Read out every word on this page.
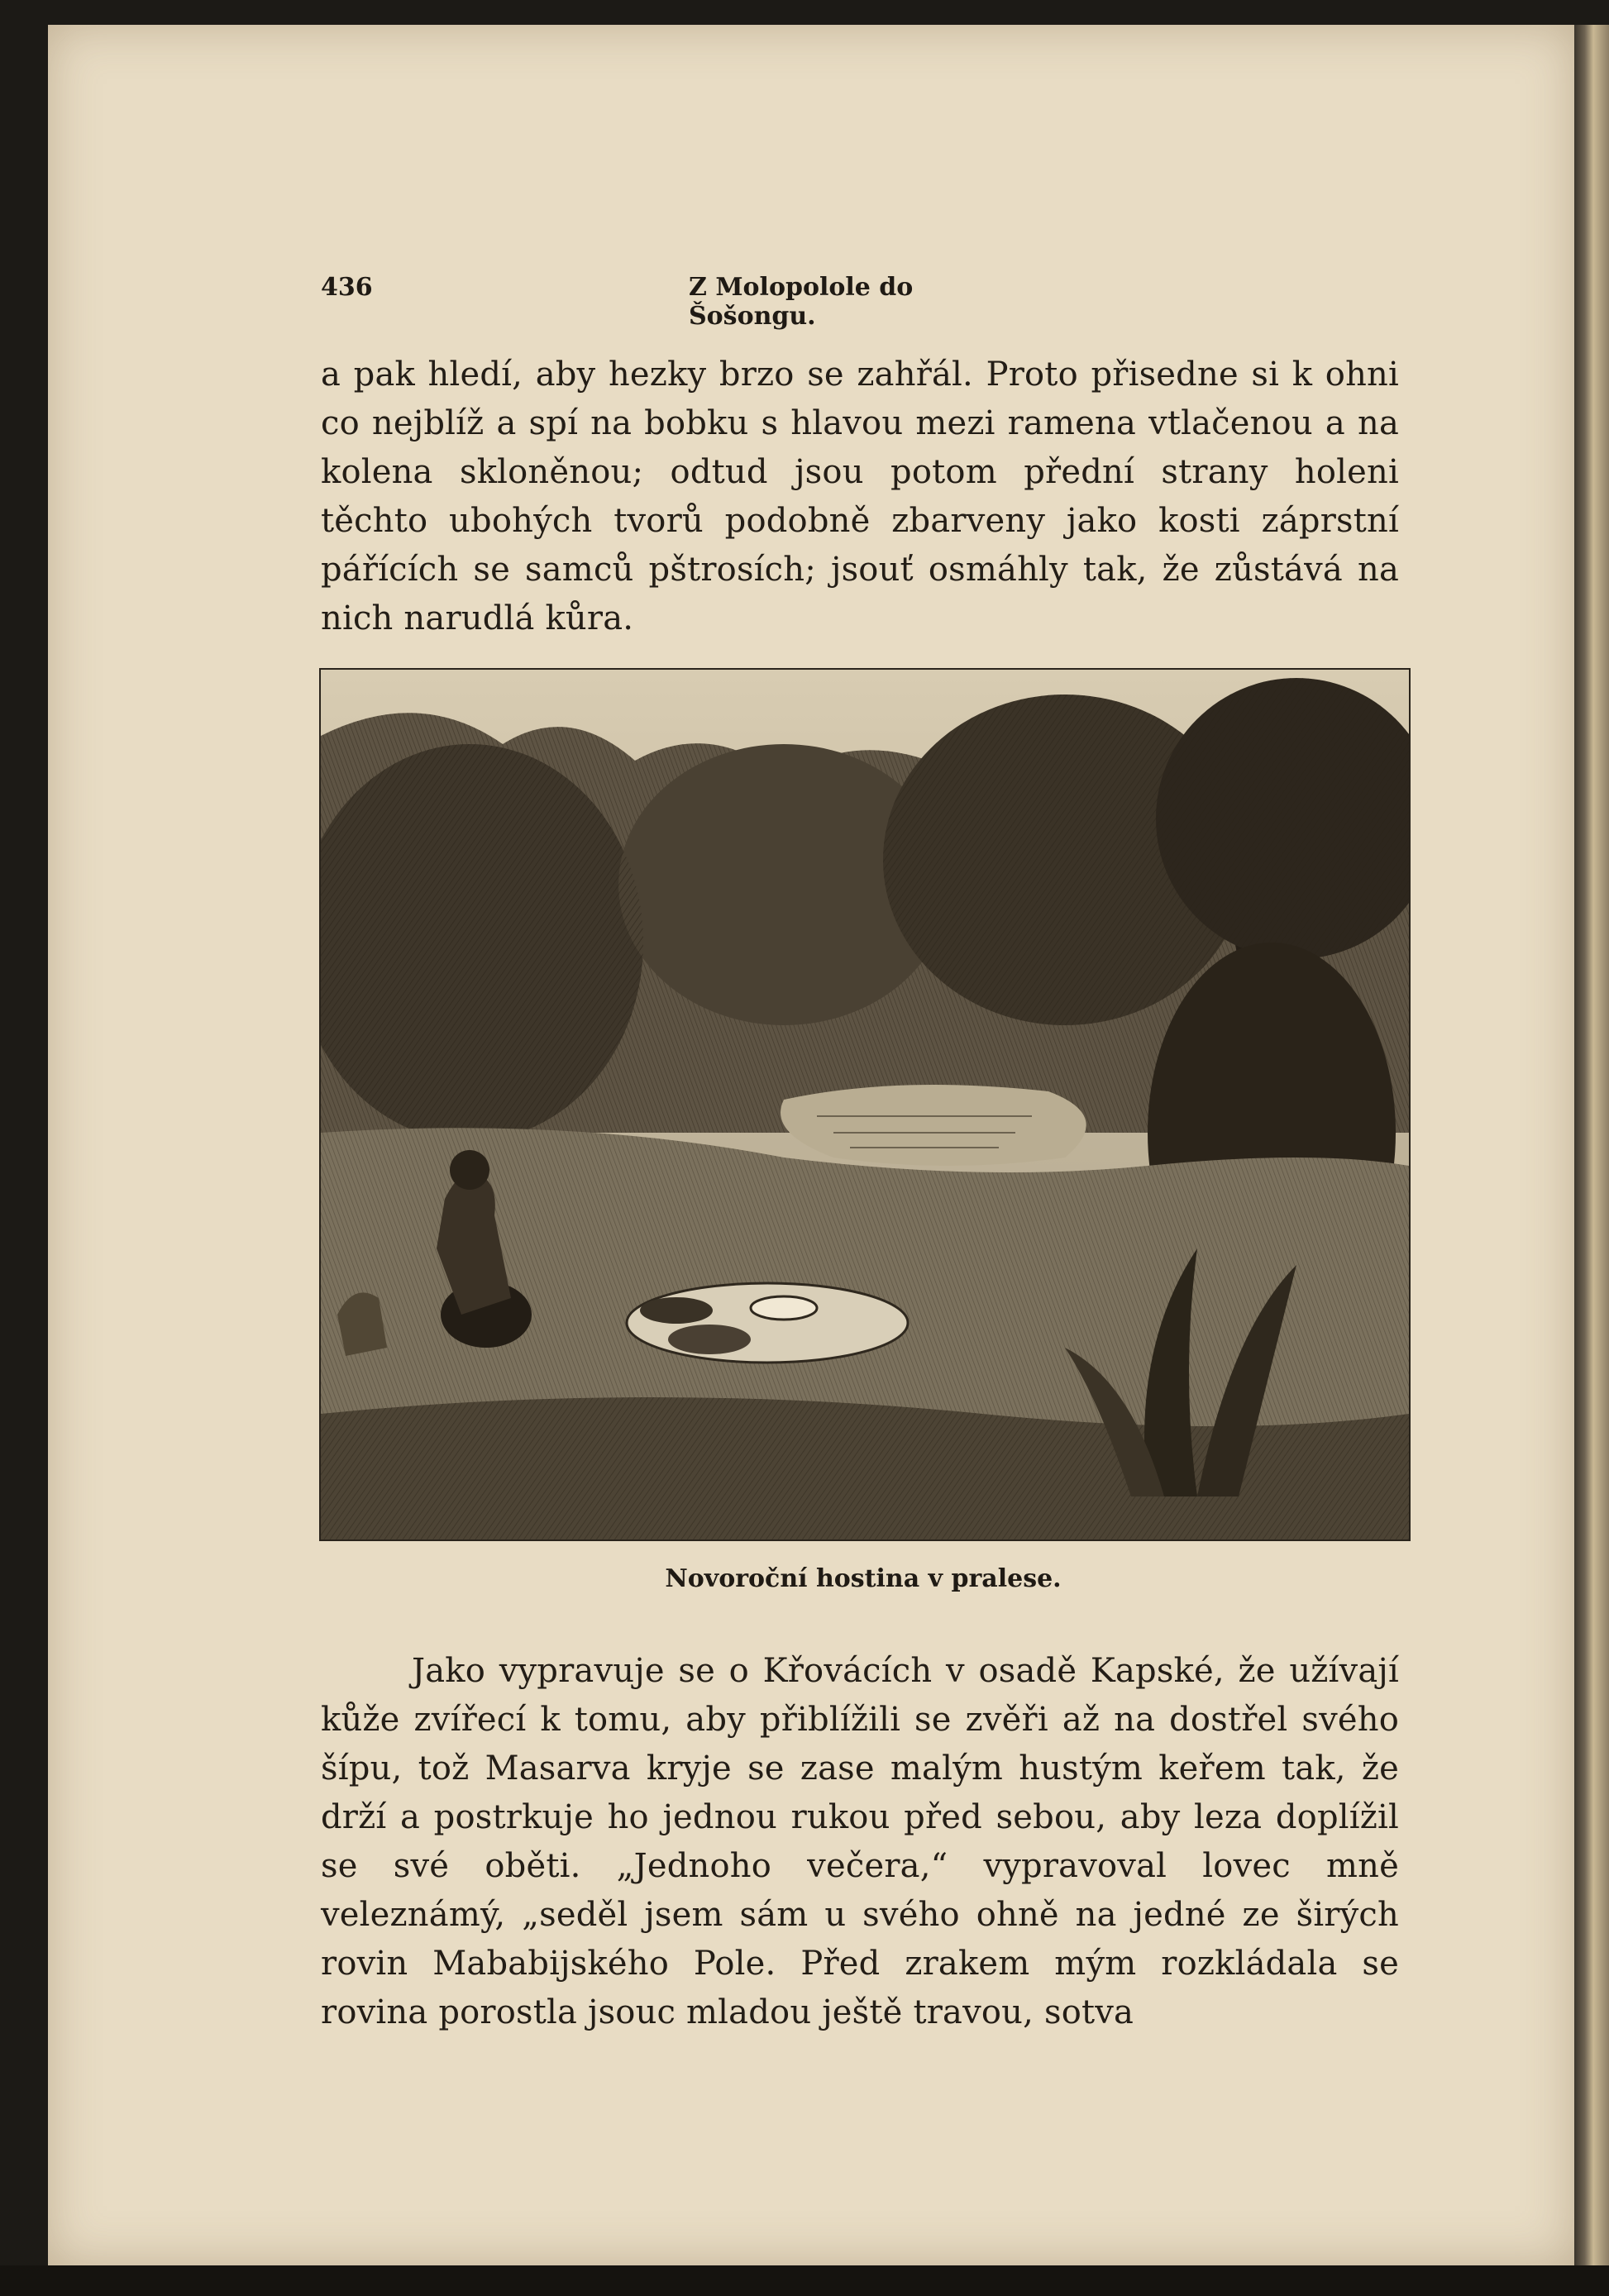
436	Z Molopolole do Šošongu.

a pak hledí, aby hezky brzo se zahřál. Proto přisedne si k ohni co nejblíž a spí na bobku s hlavou mezi ramena vtlačenou a na kolena skloněnou; odtud jsou potom přední strany holeni těchto ubohých tvorů podobně zbarveny jako kosti záprstní pářících se samců pštrosích; jsouť osmáhly tak, že zůstává na nich narudlá kůra.

Novoroční hostina v pralese.

Jako vypravuje se o Křovácích v osadě Kapské, že užívají kůže zvířecí k tomu, aby přiblížili se zvěři až na dostřel svého šípu, tož Masarva kryje se zase malým hustým keřem tak, že drží a postrkuje ho jednou rukou před sebou, aby leza doplížil se své oběti. „Jednoho večera,“ vypravoval lovec mně veleznámý, „seděl jsem sám u svého ohně na jedné ze širých rovin Mababijského Pole. Před zrakem mým rozkládala se rovina porostla jsouc mladou ještě travou, sotva
